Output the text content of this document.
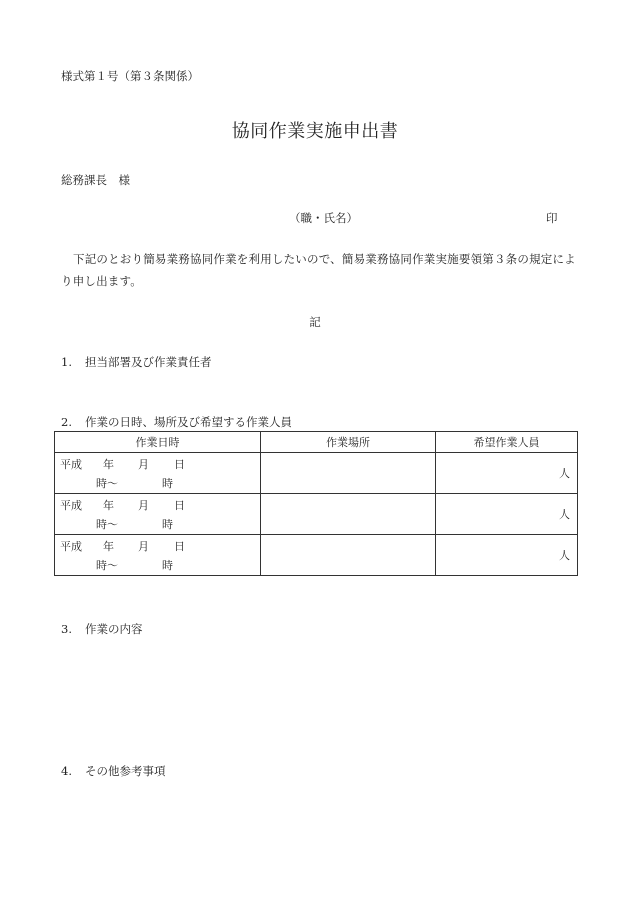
様式第１号（第３条関係）
協同作業実施申出書
総務課長　様
（職・氏名）	印
下記のとおり簡易業務協同作業を利用したいので、簡易業務協同作業実施要領第３条の規定により申し出ます。
記
1. 担当部署及び作業責任者
2. 作業の日時、場所及び希望する作業人員
作業日時	作業場所	希望作業人員

平成 年 月 日
時〜 時		人

平成 年 月 日
時〜 時		人

平成 年 月 日
時〜 時		人
3. 作業の内容
4. その他参考事項
